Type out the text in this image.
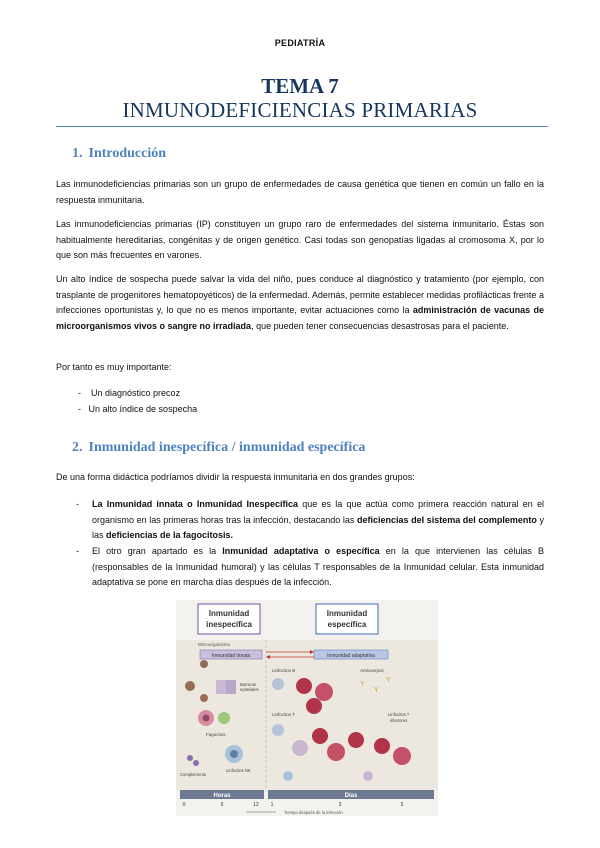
PEDIATRÍA
TEMA 7
INMUNODEFICIENCIAS PRIMARIAS
1. Introducción
Las inmunodeficiencias primarias son un grupo de enfermedades de causa genética que tienen en común un fallo en la respuesta inmunitaria.
Las inmunodeficiencias primarias (IP) constituyen un grupo raro de enfermedades del sistema inmunitario. Éstas son habitualmente hereditarias, congénitas y de origen genético. Casi todas son genopatías ligadas al cromosoma X, por lo que son más frecuentes en varones.
Un alto índice de sospecha puede salvar la vida del niño, pues conduce al diagnóstico y tratamiento (por ejemplo, con trasplante de progenitores hematopoyéticos) de la enfermedad. Además, permite establecer medidas profilácticas frente a infecciones oportunistas y, lo que no es menos importante, evitar actuaciones como la administración de vacunas de microorganismos vivos o sangre no irradiada, que pueden tener consecuencias desastrosas para el paciente.
Por tanto es muy importante:
- Un diagnóstico precoz
- Un alto índice de sospecha
2. Inmunidad inespecífica / inmunidad específica
De una forma didáctica podríamos dividir la respuesta inmunitaria en dos grandes grupos:
- La Inmunidad innata o Inmunidad Inespecífica que es la que actúa como primera reacción natural en el organismo en las primeras horas tras la infección, destacando las deficiencias del sistema del complemento y las deficiencias de la fagocitosis.
- El otro gran apartado es la Inmunidad adaptativa o específica en la que intervienen las células B (responsables de la Inmunidad humoral) y las células T responsables de la Inmunidad celular. Esta inmunidad adaptativa se pone en marcha días después de la infección.
Inmunidad
inespecífica
Inmunidad
específica
Microorganismo
Inmunidad innata	Inmunidad adaptativa
Barreras
epiteliales
Fagocitos
Complemento
Linfocitos NK
Linfocitos B	Anticuerpos
Y
Y
Y
Linfocitos T	Linfocitos T
efectores
Horas	Días
0	6	12 1	3	5
Tiempo después de la infección
